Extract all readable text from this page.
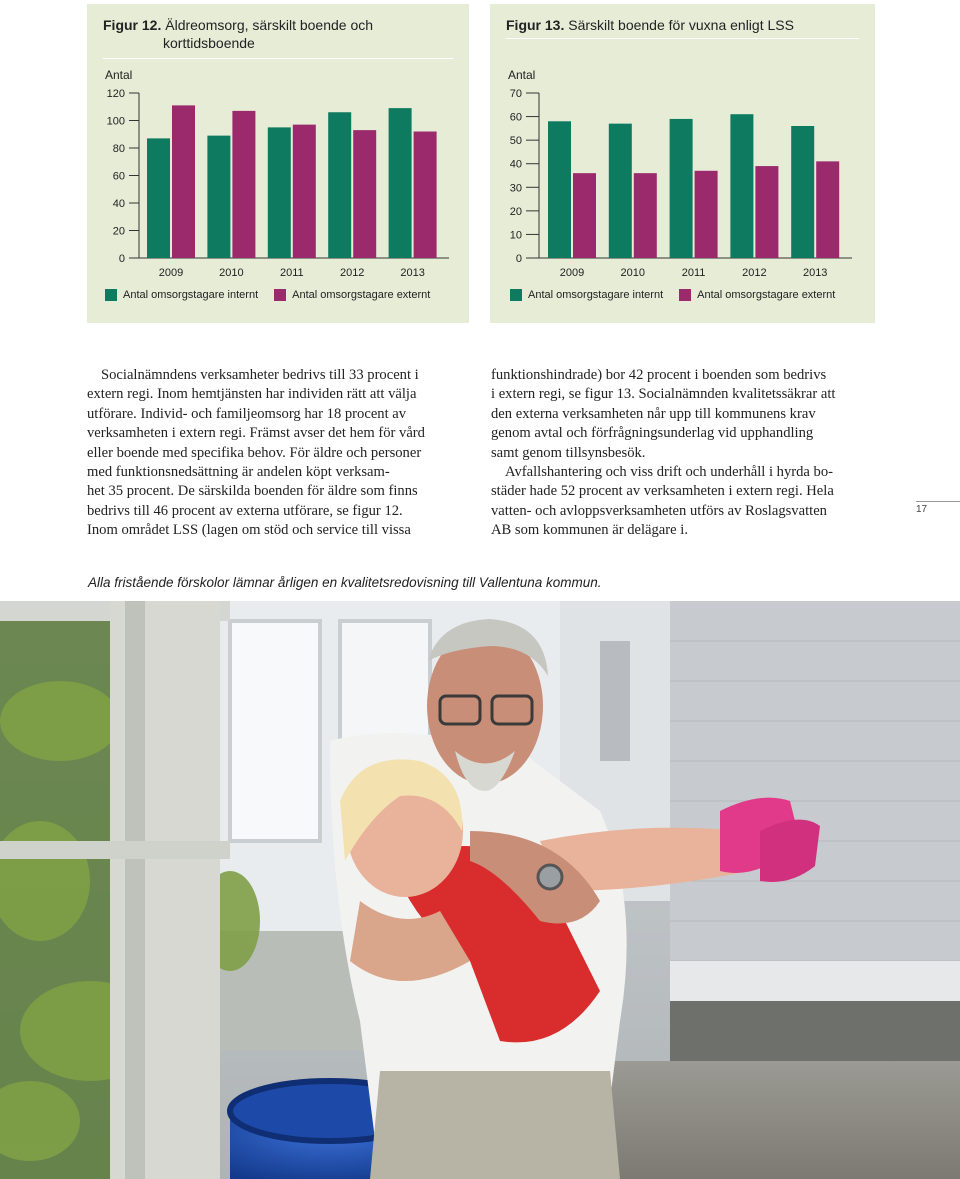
Figur 12. Äldreomsorg, särskilt boende och
korttidsboende
Antal
0
20
40
60
80
100
120
2009	2010	2011	2012	2013
Antal omsorgstagare internt	Antal omsorgstagare externt
Figur 13. Särskilt boende för vuxna enligt LSS
Antal
0
10
20
30
40
50
60
70
2009	2010	2011	2012	2013
Antal omsorgstagare internt	Antal omsorgstagare externt

Socialnämndens verksamheter bedrivs till 33 procent i

extern regi. Inom hemtjänsten har individen rätt att välja

utförare. Individ- och familjeomsorg har 18 procent av

verksamheten i extern regi. Främst avser det hem för vård

eller boende med specifika behov. För äldre och personer

med funktionsnedsättning är andelen köpt verksam-

het 35 procent. De särskilda boenden för äldre som finns

bedrivs till 46 procent av externa utförare, se figur 12.

Inom området LSS (lagen om stöd och service till vissa

funktionshindrade) bor 42 procent i boenden som bedrivs

i extern regi, se figur 13. Socialnämnden kvalitetssäkrar att

den externa verksamheten når upp till kommunens krav

genom avtal och förfrågningsunderlag vid upphandling

samt genom tillsynsbesök.

Avfallshantering och viss drift och underhåll i hyrda bo-

städer hade 52 procent av verksamheten i extern regi. Hela

vatten- och avloppsverksamheten utförs av Roslagsvatten

AB som kommunen är delägare i.

17
Alla fristående förskolor lämnar årligen en kvalitetsredovisning till Vallentuna kommun.
